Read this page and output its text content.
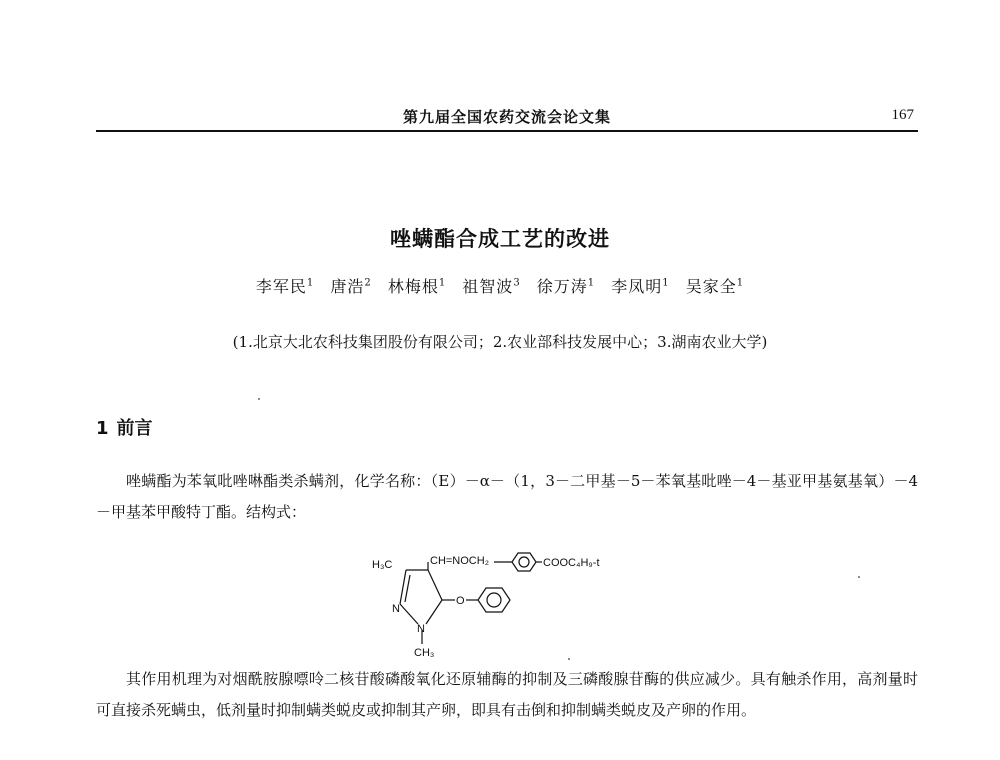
第九届全国农药交流会论文集	167
唑螨酯合成工艺的改进
李军民$^1$ 唐浩$^2$ 林梅根$^1$ 祖智波$^3$ 徐万涛$^1$ 李凤明$^1$ 吴家全$^1$
(1.北京大北农科技集团股份有限公司；2.农业部科技发展中心；3.湖南农业大学)
1 前言

唑螨酯为苯氧吡唑啉酯类杀螨剂，化学名称：（E）－α－（1，3－二甲基－5－苯氧基吡唑－4－基亚甲基氨基氧）－4－甲基苯甲酸特丁酯。结构式：

H₃C	CH=NOCH₂	COOC₄H₉-t
N
N
O
CH₃

其作用机理为对烟酰胺腺嘌呤二核苷酸磷酸氧化还原辅酶的抑制及三磷酸腺苷酶的供应减少。具有触杀作用，高剂量时可直接杀死螨虫，低剂量时抑制螨类蜕皮或抑制其产卵，即具有击倒和抑制螨类蜕皮及产卵的作用。
